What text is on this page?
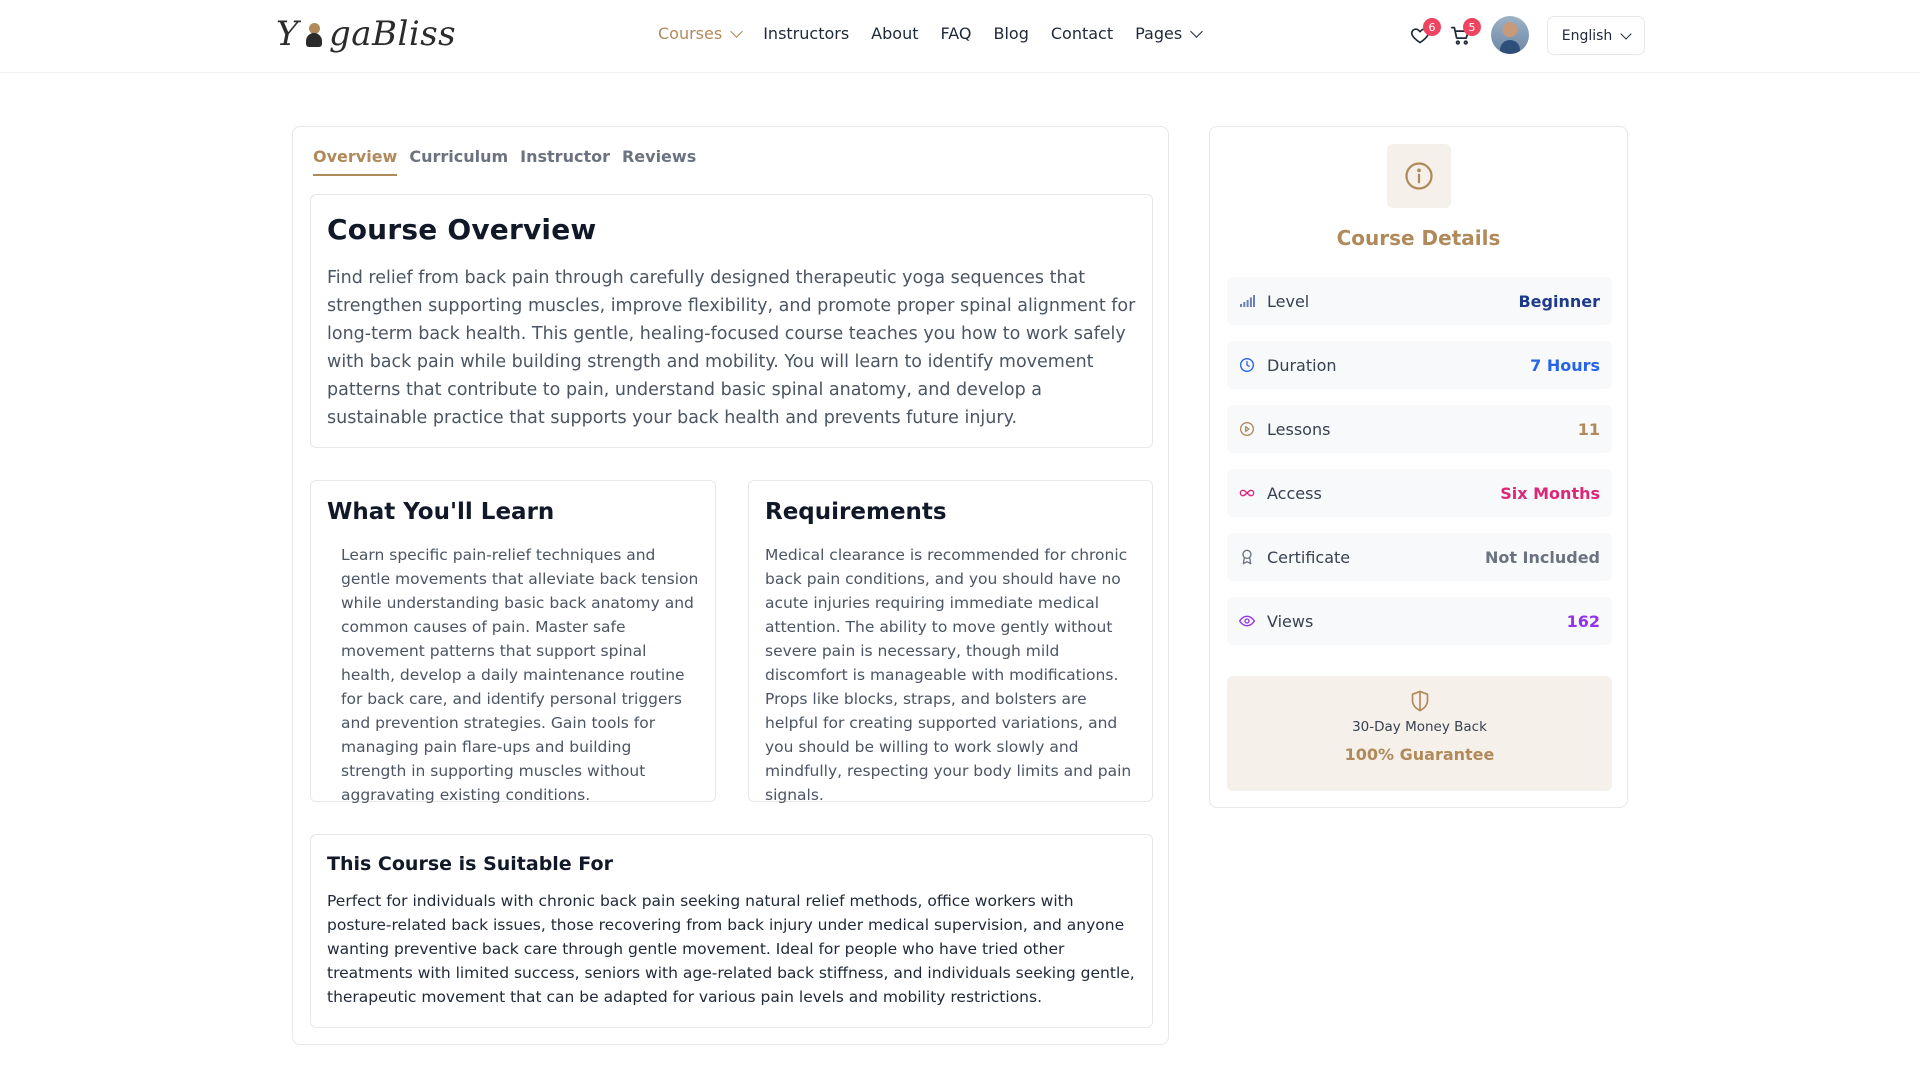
Y gaBliss	Courses	Instructors About FAQ Blog Contact Pages	6	5
English
Overview Curriculum Instructor Reviews
Course Overview

Find relief from back pain through carefully designed therapeutic yoga sequences that strengthen supporting muscles, improve flexibility, and promote proper spinal alignment for long-term back health. This gentle, healing-focused course teaches you how to work safely with back pain while building strength and mobility. You will learn to identify movement patterns that contribute to pain, understand basic spinal anatomy, and develop a sustainable practice that supports your back health and prevents future injury.

What You'll Learn

Learn specific pain-relief techniques and gentle movements that alleviate back tension while understanding basic back anatomy and common causes of pain. Master safe movement patterns that support spinal health, develop a daily maintenance routine for back care, and identify personal triggers and prevention strategies. Gain tools for managing pain flare-ups and building strength in supporting muscles without aggravating existing conditions.

Requirements

Medical clearance is recommended for chronic back pain conditions, and you should have no acute injuries requiring immediate medical attention. The ability to move gently without severe pain is necessary, though mild discomfort is manageable with modifications. Props like blocks, straps, and bolsters are helpful for creating supported variations, and you should be willing to work slowly and mindfully, respecting your body limits and pain signals.

This Course is Suitable For

Perfect for individuals with chronic back pain seeking natural relief methods, office workers with posture-related back issues, those recovering from back injury under medical supervision, and anyone wanting preventive back care through gentle movement. Ideal for people who have tried other treatments with limited success, seniors with age-related back stiffness, and individuals seeking gentle, therapeutic movement that can be adapted for various pain levels and mobility restrictions.

Course Details
Level	Beginner
Duration	7 Hours
Lessons	11
Access	Six Months
Certificate	Not Included
Views	162
30-Day Money Back
100% Guarantee
